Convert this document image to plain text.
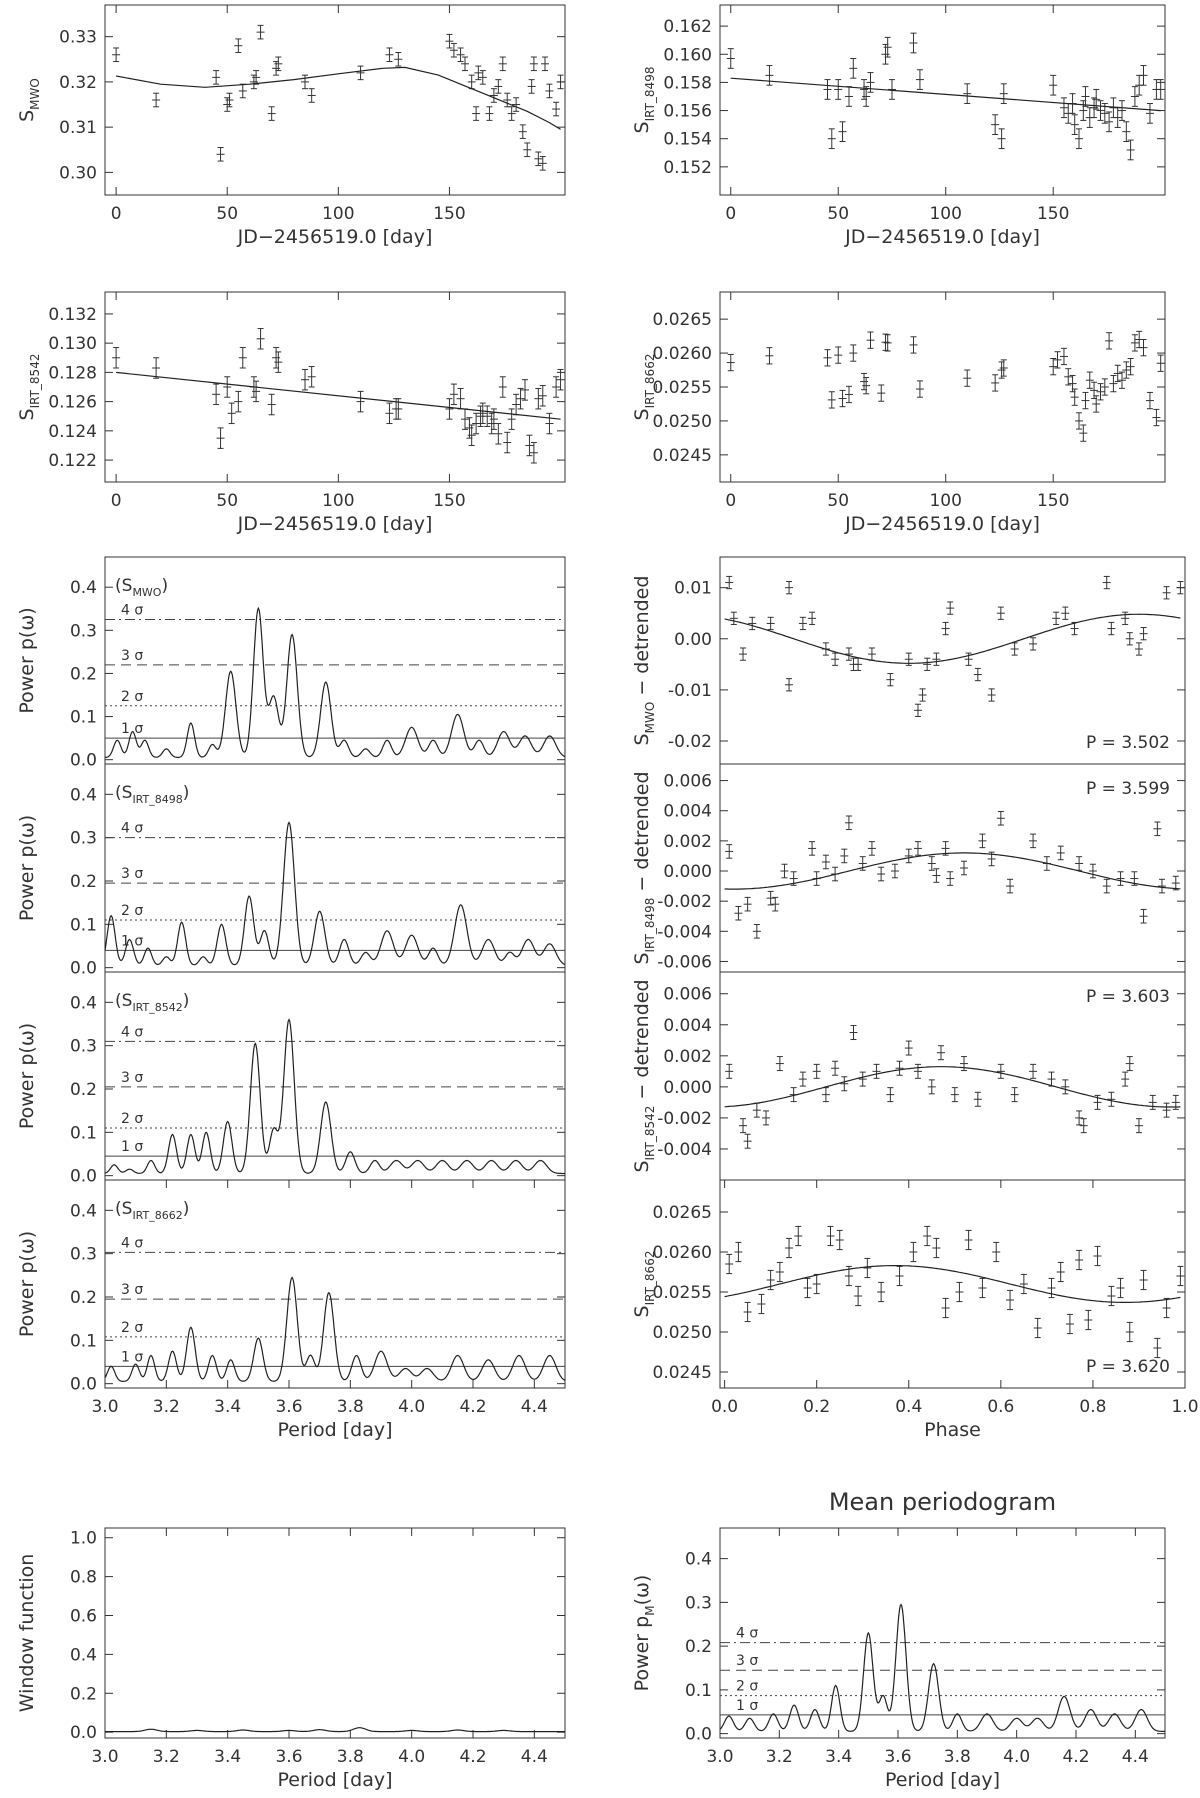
0.30
0.31
0.32
0.33
0	50	100	150
JD−2456519.0 [day]
$S_{MWO}$
0.152
0.154
0.156
0.158
0.160
0.162
0	50	100	150
JD−2456519.0 [day]
$S_{IRT\_8498}$
0.122
0.124
0.126
0.128
0.130
0.132
0	50	100	150
JD−2456519.0 [day]
$S_{IRT\_8542}$
0.0245
0.0250
0.0255
0.0260
0.0265
0	50	100	150
JD−2456519.0 [day]
$S_{IRT\_8662}$
0.0
0.1
0.2
0.3
0.4
Power p(ω)
1 σ
2 σ
3 σ
4 σ
$(S_{MWO})$
0.0
0.1
0.2
0.3
0.4
Power p(ω)
1 σ
2 σ
3 σ
4 σ
$(S_{IRT\_8498})$
0.0
0.1
0.2
0.3
0.4
Power p(ω)
1 σ
2 σ
3 σ
4 σ
$(S_{IRT\_8542})$
0.0
0.1
0.2
0.3
0.4
3.0 3.2 3.4 3.6 3.8 4.0 4.2 4.4
Period [day]
Power p(ω)
1 σ
2 σ
3 σ
4 σ
$(S_{IRT\_8662})$
-0.02
-0.01
0.00
0.01
$S_{MWO}$ − detrended
P = 3.502
-0.006
-0.004
-0.002
0.000
0.002
0.004
0.006
$S_{IRT\_8498}$ − detrended	P = 3.599
-0.004
-0.002
0.000
0.002
0.004
0.006
$S_{IRT\_8542}$ − detrended	P = 3.603
0.0245
0.0250
0.0255
0.0260
0.0265
0.0	0.2	0.4	0.6	0.8	1.0
Phase
$S_{IRT\_8662}$
P = 3.620
0.0
0.2
0.4
0.6
0.8
1.0
3.0 3.2 3.4 3.6 3.8 4.0 4.2 4.4
Period [day]
Window function
0.0
0.1
0.2
0.3
0.4
3.0 3.2 3.4 3.6 3.8 4.0 4.2 4.4
Period [day]
Power $p_M(\omega)$
Mean periodogram
1 σ
2 σ
3 σ
4 σ
